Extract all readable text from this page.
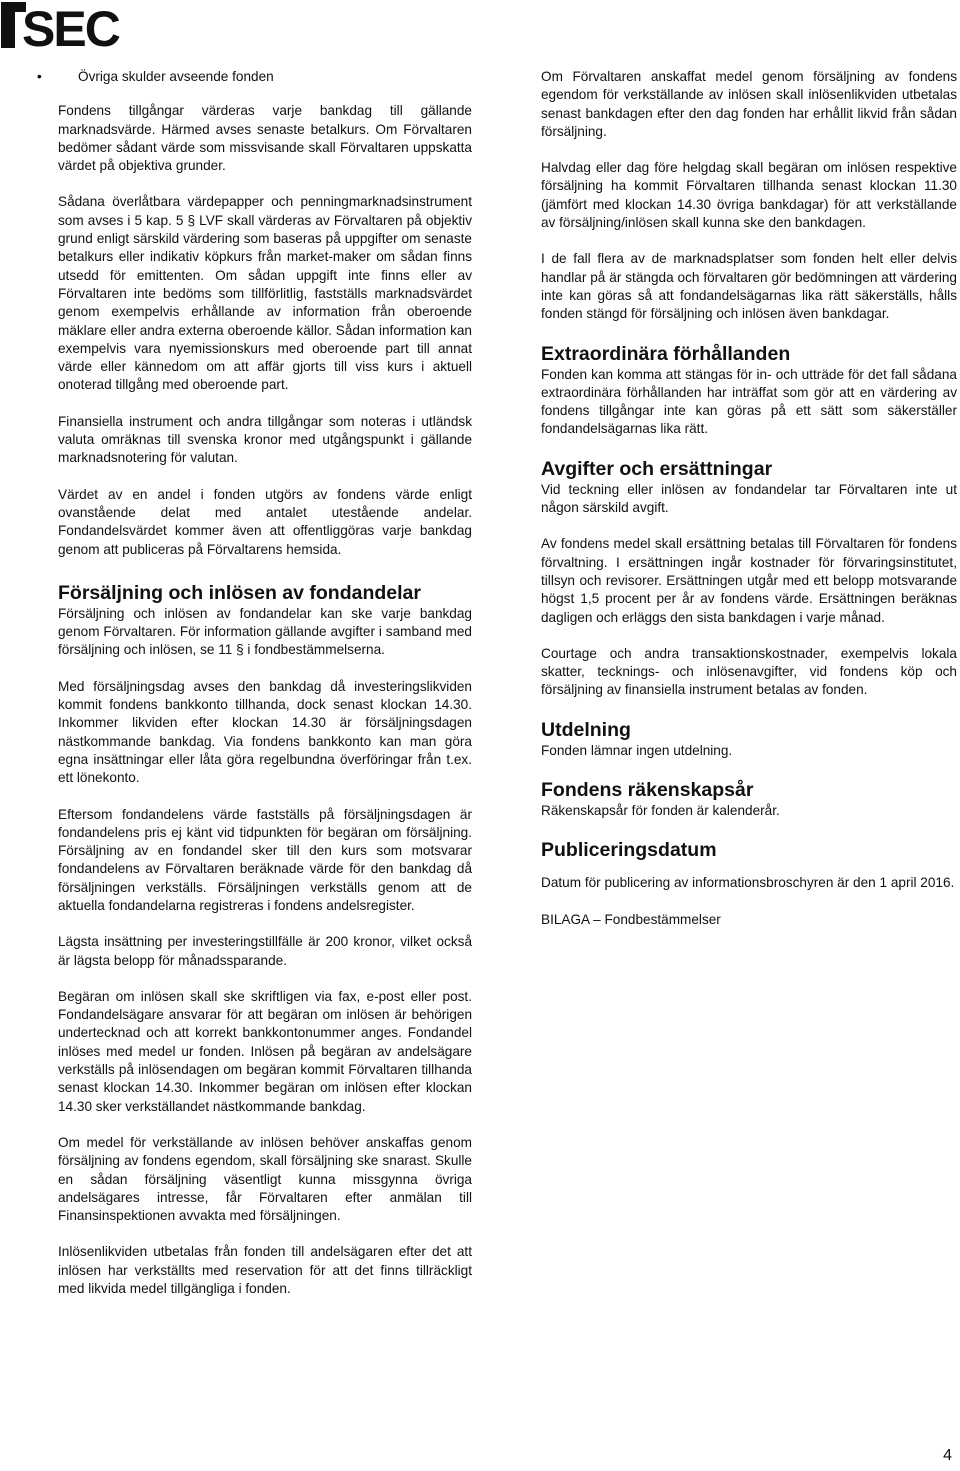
SEC
•	Övriga skulder avseende fonden

Fondens tillgångar värderas varje bankdag till gällande marknadsvärde. Härmed avses senaste betalkurs. Om Förvaltaren bedömer sådant värde som missvisande skall Förvaltaren uppskatta värdet på objektiva grunder.

Sådana överlåtbara värdepapper och penningmarknadsinstrument som avses i 5 kap. 5 § LVF skall värderas av Förvaltaren på objektiv grund enligt särskild värdering som baseras på uppgifter om senaste betalkurs eller indikativ köpkurs från market-maker om sådan finns utsedd för emittenten. Om sådan uppgift inte finns eller av Förvaltaren inte bedöms som tillförlitlig, fastställs marknadsvärdet genom exempelvis erhållande av information från oberoende mäklare eller andra externa oberoende källor. Sådan information kan exempelvis vara nyemissionskurs med oberoende part till annat värde eller kännedom om att affär gjorts till viss kurs i aktuell onoterad tillgång med oberoende part.

Finansiella instrument och andra tillgångar som noteras i utländsk valuta omräknas till svenska kronor med utgångspunkt i gällande marknadsnotering för valutan.

Värdet av en andel i fonden utgörs av fondens värde enligt ovanstående delat med antalet utestående andelar. Fondandelsvärdet kommer även att offentliggöras varje bankdag genom att publiceras på Förvaltarens hemsida.

Försäljning och inlösen av fondandelar

Försäljning och inlösen av fondandelar kan ske varje bankdag genom Förvaltaren. För information gällande avgifter i samband med försäljning och inlösen, se 11 § i fondbestämmelserna.

Med försäljningsdag avses den bankdag då investeringslikviden kommit fondens bankkonto tillhanda, dock senast klockan 14.30. Inkommer likviden efter klockan 14.30 är försäljningsdagen nästkommande bankdag. Via fondens bankkonto kan man göra egna insättningar eller låta göra regelbundna överföringar från t.ex. ett lönekonto.

Eftersom fondandelens värde fastställs på försäljningsdagen är fondandelens pris ej känt vid tidpunkten för begäran om försäljning. Försäljning av en fondandel sker till den kurs som motsvarar fondandelens av Förvaltaren beräknade värde för den bankdag då försäljningen verkställs. Försäljningen verkställs genom att de aktuella fondandelarna registreras i fondens andelsregister.

Lägsta insättning per investeringstillfälle är 200 kronor, vilket också är lägsta belopp för månadssparande.

Begäran om inlösen skall ske skriftligen via fax, e-post eller post. Fondandelsägare ansvarar för att begäran om inlösen är behörigen undertecknad och att korrekt bankkontonummer anges. Fondandel inlöses med medel ur fonden. Inlösen på begäran av andelsägare verkställs på inlösendagen om begäran kommit Förvaltaren tillhanda senast klockan 14.30. Inkommer begäran om inlösen efter klockan 14.30 sker verkställandet nästkommande bankdag.

Om medel för verkställande av inlösen behöver anskaffas genom försäljning av fondens egendom, skall försäljning ske snarast. Skulle en sådan försäljning väsentligt kunna missgynna övriga andelsägares intresse, får Förvaltaren efter anmälan till Finansinspektionen avvakta med försäljningen.

Inlösenlikviden utbetalas från fonden till andelsägaren efter det att inlösen har verkställts med reservation för att det finns tillräckligt med likvida medel tillgängliga i fonden.

Om Förvaltaren anskaffat medel genom försäljning av fondens egendom för verkställande av inlösen skall inlösenlikviden utbetalas senast bankdagen efter den dag fonden har erhållit likvid från sådan försäljning.

Halvdag eller dag före helgdag skall begäran om inlösen respektive försäljning ha kommit Förvaltaren tillhanda senast klockan 11.30 (jämfört med klockan 14.30 övriga bankdagar) för att verkställande av försäljning/inlösen skall kunna ske den bankdagen.

I de fall flera av de marknadsplatser som fonden helt eller delvis handlar på är stängda och förvaltaren gör bedömningen att värdering inte kan göras så att fondandelsägarnas lika rätt säkerställs, hålls fonden stängd för försäljning och inlösen även bankdagar.

Extraordinära förhållanden

Fonden kan komma att stängas för in- och utträde för det fall sådana extraordinära förhållanden har inträffat som gör att en värdering av fondens tillgångar inte kan göras på ett sätt som säkerställer fondandelsägarnas lika rätt.

Avgifter och ersättningar

Vid teckning eller inlösen av fondandelar tar Förvaltaren inte ut någon särskild avgift.

Av fondens medel skall ersättning betalas till Förvaltaren för fondens förvaltning. I ersättningen ingår kostnader för förvaringsinstitutet, tillsyn och revisorer. Ersättningen utgår med ett belopp motsvarande högst 1,5 procent per år av fondens värde. Ersättningen beräknas dagligen och erläggs den sista bankdagen i varje månad.

Courtage och andra transaktionskostnader, exempelvis lokala skatter, tecknings- och inlösenavgifter, vid fondens köp och försäljning av finansiella instrument betalas av fonden.

Utdelning

Fonden lämnar ingen utdelning.

Fondens räkenskapsår

Räkenskapsår för fonden är kalenderår.

Publiceringsdatum

Datum för publicering av informationsbroschyren är den 1 april 2016.

BILAGA – Fondbestämmelser

4
